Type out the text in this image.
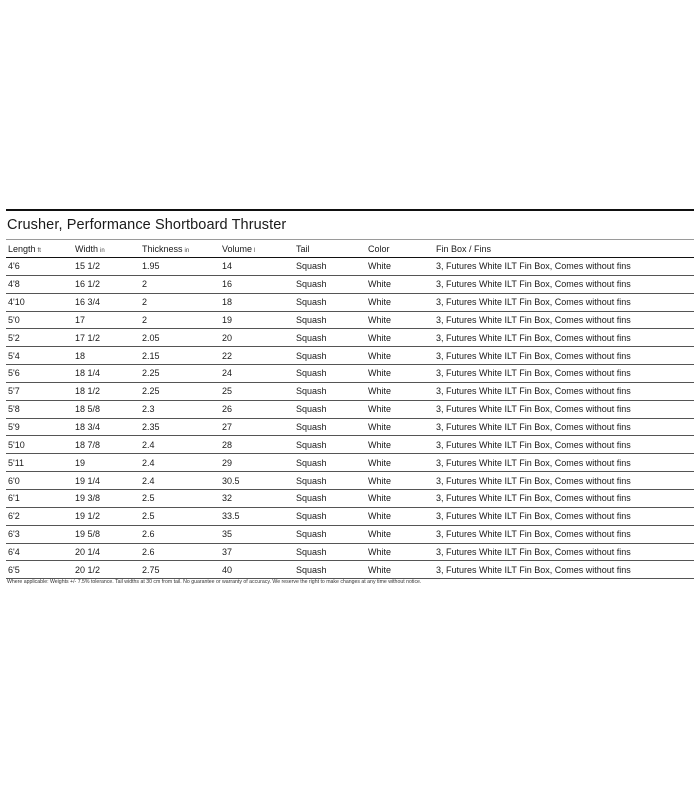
Crusher, Performance Shortboard Thruster
Length ft	Width in	Thickness in	Volume l	Tail	Color	Fin Box / Fins
4'6	15 1/2	1.95	14	Squash	White	3, Futures White ILT Fin Box, Comes without fins
4'8	16 1/2	2	16	Squash	White	3, Futures White ILT Fin Box, Comes without fins
4'10	16 3/4	2	18	Squash	White	3, Futures White ILT Fin Box, Comes without fins
5'0	17	2	19	Squash	White	3, Futures White ILT Fin Box, Comes without fins
5'2	17 1/2	2.05	20	Squash	White	3, Futures White ILT Fin Box, Comes without fins
5'4	18	2.15	22	Squash	White	3, Futures White ILT Fin Box, Comes without fins
5'6	18 1/4	2.25	24	Squash	White	3, Futures White ILT Fin Box, Comes without fins
5'7	18 1/2	2.25	25	Squash	White	3, Futures White ILT Fin Box, Comes without fins
5'8	18 5/8	2.3	26	Squash	White	3, Futures White ILT Fin Box, Comes without fins
5'9	18 3/4	2.35	27	Squash	White	3, Futures White ILT Fin Box, Comes without fins
5'10	18 7/8	2.4	28	Squash	White	3, Futures White ILT Fin Box, Comes without fins
5'11	19	2.4	29	Squash	White	3, Futures White ILT Fin Box, Comes without fins
6'0	19 1/4	2.4	30.5	Squash	White	3, Futures White ILT Fin Box, Comes without fins
6'1	19 3/8	2.5	32	Squash	White	3, Futures White ILT Fin Box, Comes without fins
6'2	19 1/2	2.5	33.5	Squash	White	3, Futures White ILT Fin Box, Comes without fins
6'3	19 5/8	2.6	35	Squash	White	3, Futures White ILT Fin Box, Comes without fins
6'4	20 1/4	2.6	37	Squash	White	3, Futures White ILT Fin Box, Comes without fins
6'5	20 1/2	2.75	40	Squash	White	3, Futures White ILT Fin Box, Comes without fins
Where applicable: Weights +/- 7.5% tolerance. Tail widths at 30 cm from tail. No guarantee or warranty of accuracy. We reserve the right to make changes at any time without notice.
